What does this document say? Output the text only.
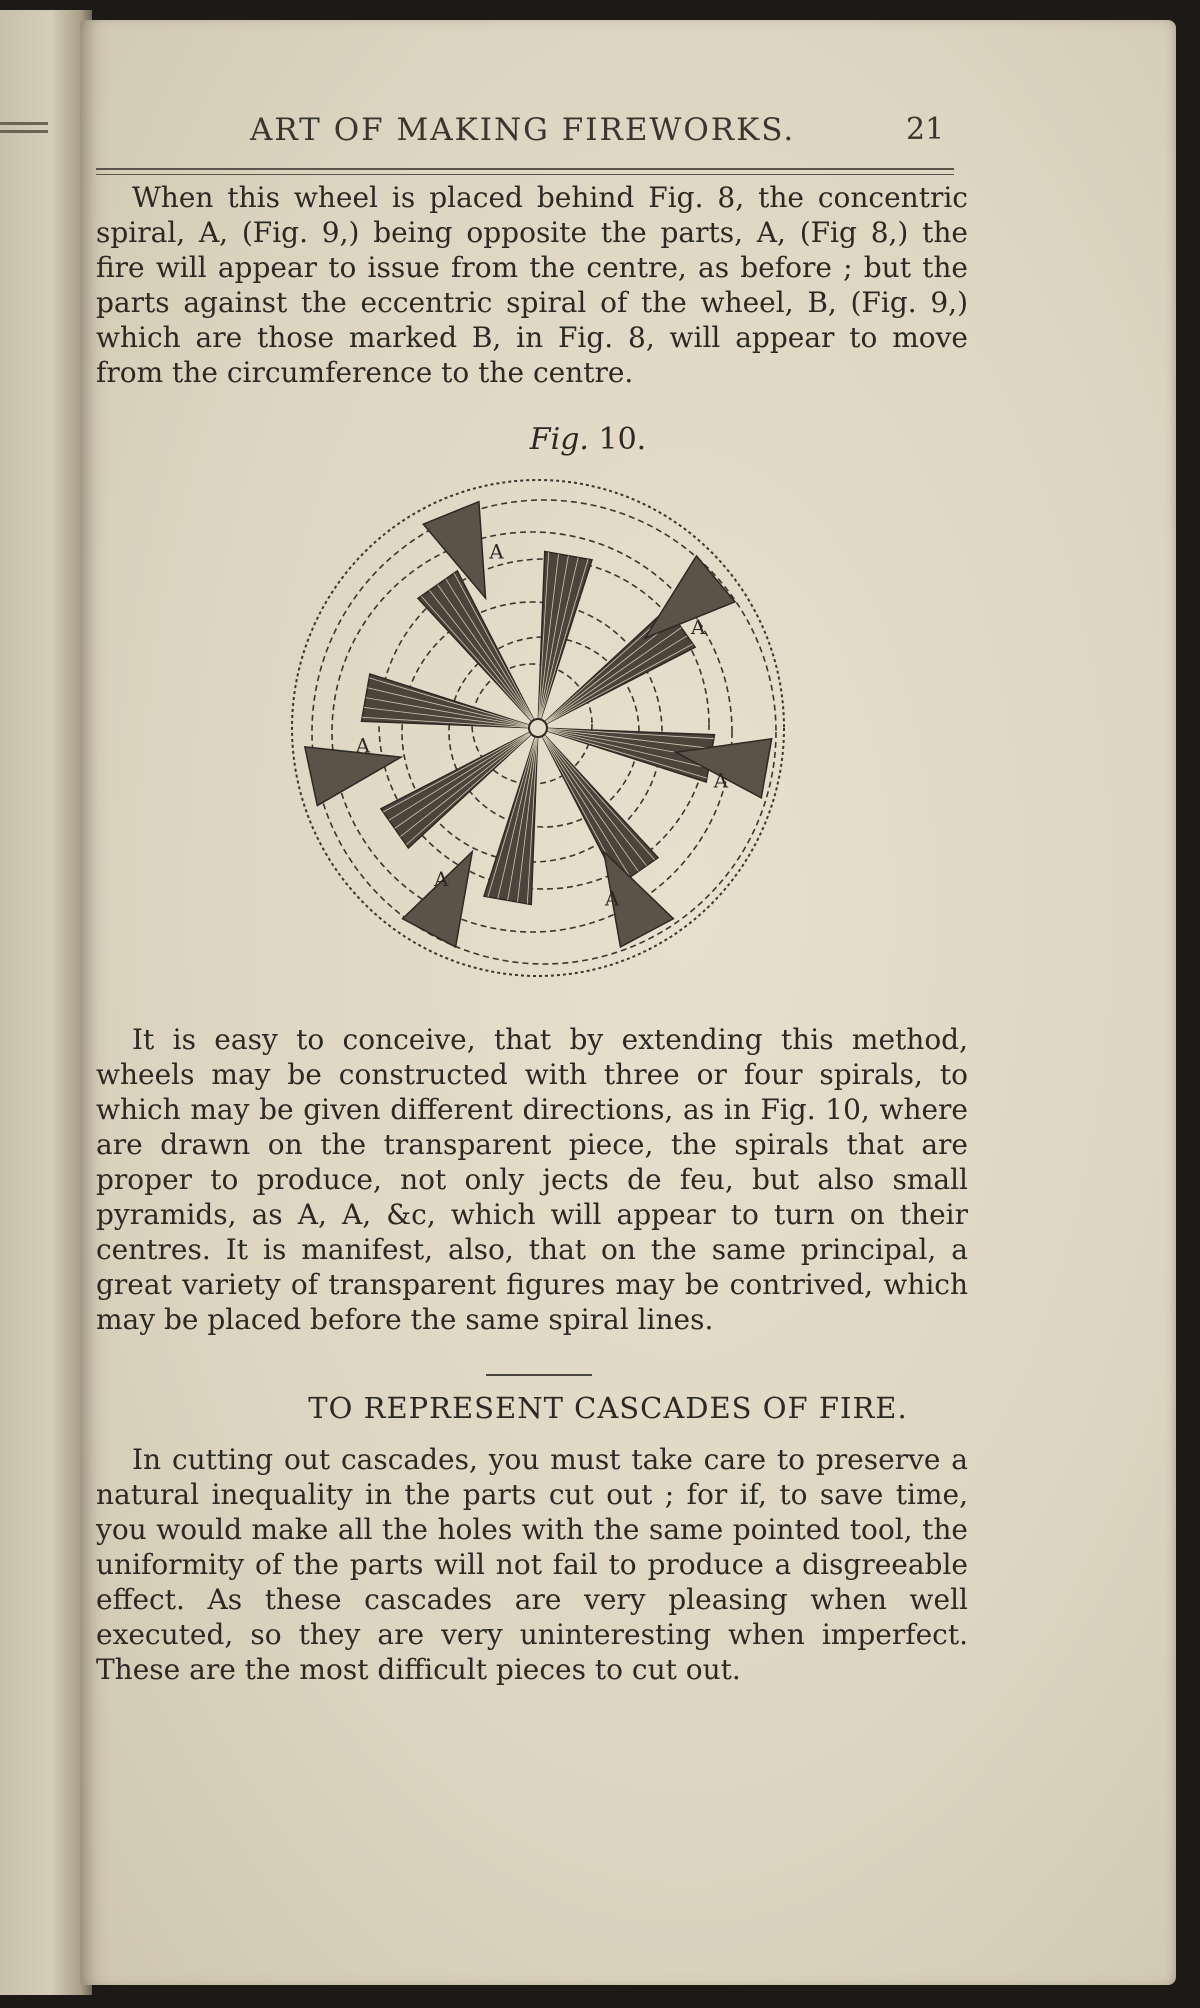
ART OF MAKING FIREWORKS.	21

When this wheel is placed behind Fig. 8, the concentric spiral, A, (Fig. 9,) being opposite the parts, A, (Fig 8,) the fire will appear to issue from the centre, as before ; but the parts against the eccentric spiral of the wheel, B, (Fig. 9,) which are those marked B, in Fig. 8, will appear to move from the circumference to the centre.

Fig. 10.
A
A
A
A
A
A

It is easy to conceive, that by extending this method, wheels may be constructed with three or four spirals, to which may be given different directions, as in Fig. 10, where are drawn on the transparent piece, the spirals that are proper to produce, not only jects de feu, but also small pyramids, as A, A, &c, which will appear to turn on their centres. It is manifest, also, that on the same principal, a great variety of transparent figures may be contrived, which may be placed before the same spiral lines.

TO REPRESENT CASCADES OF FIRE.

In cutting out cascades, you must take care to preserve a natural inequality in the parts cut out ; for if, to save time, you would make all the holes with the same pointed tool, the uniformity of the parts will not fail to produce a disgreeable effect. As these cascades are very pleasing when well executed, so they are very uninteresting when imperfect. These are the most difficult pieces to cut out.
